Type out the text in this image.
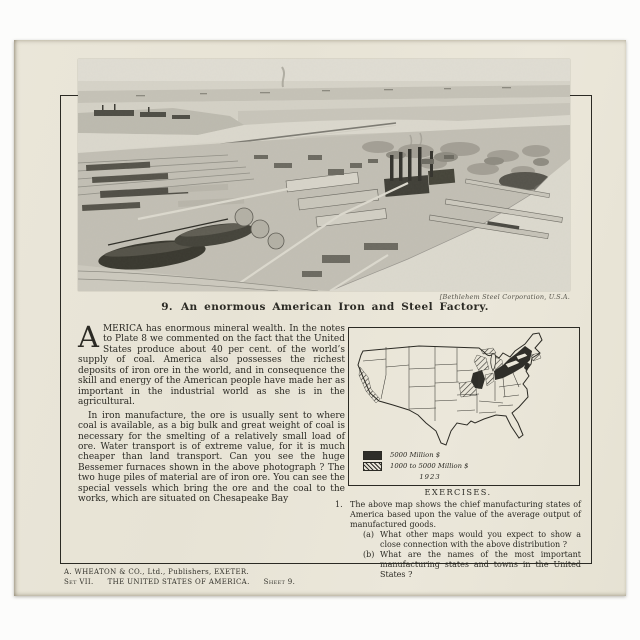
[Bethlehem Steel Corporation, U.S.A.
9. An enormous American Iron and Steel Factory.

AMERICA has enormous mineral wealth. In the notes to Plate 8 we commented on the fact that the United States produce about 40 per cent. of the world’s supply of coal. America also possesses the richest deposits of iron ore in the world, and in consequence the skill and energy of the American people have made her as important in the industrial world as she is in the agricultural.

In iron manufacture, the ore is usually sent to where coal is available, as a big bulk and great weight of coal is necessary for the smelting of a relatively small load of ore. Water transport is of extreme value, for it is much cheaper than land transport. Can you see the huge Bessemer furnaces shown in the above photograph ? The two huge piles of material are of iron ore. You can see the special vessels which bring the ore and the coal to the works, which are situated on Chesapeake Bay

5000 Million $
1000 to 5000 Million $
1923
EXERCISES.
1. The above map shows the chief manufacturing states of America based upon the value of the average output of manufactured goods.
(a) What other maps would you expect to show a close connection with the above distribution ?
(b) What are the names of the most important manufacturing states and towns in the United States ?
A. WHEATON & CO., Ltd., Publishers, EXETER.
Set VII. THE UNITED STATES OF AMERICA. Sheet 9.
